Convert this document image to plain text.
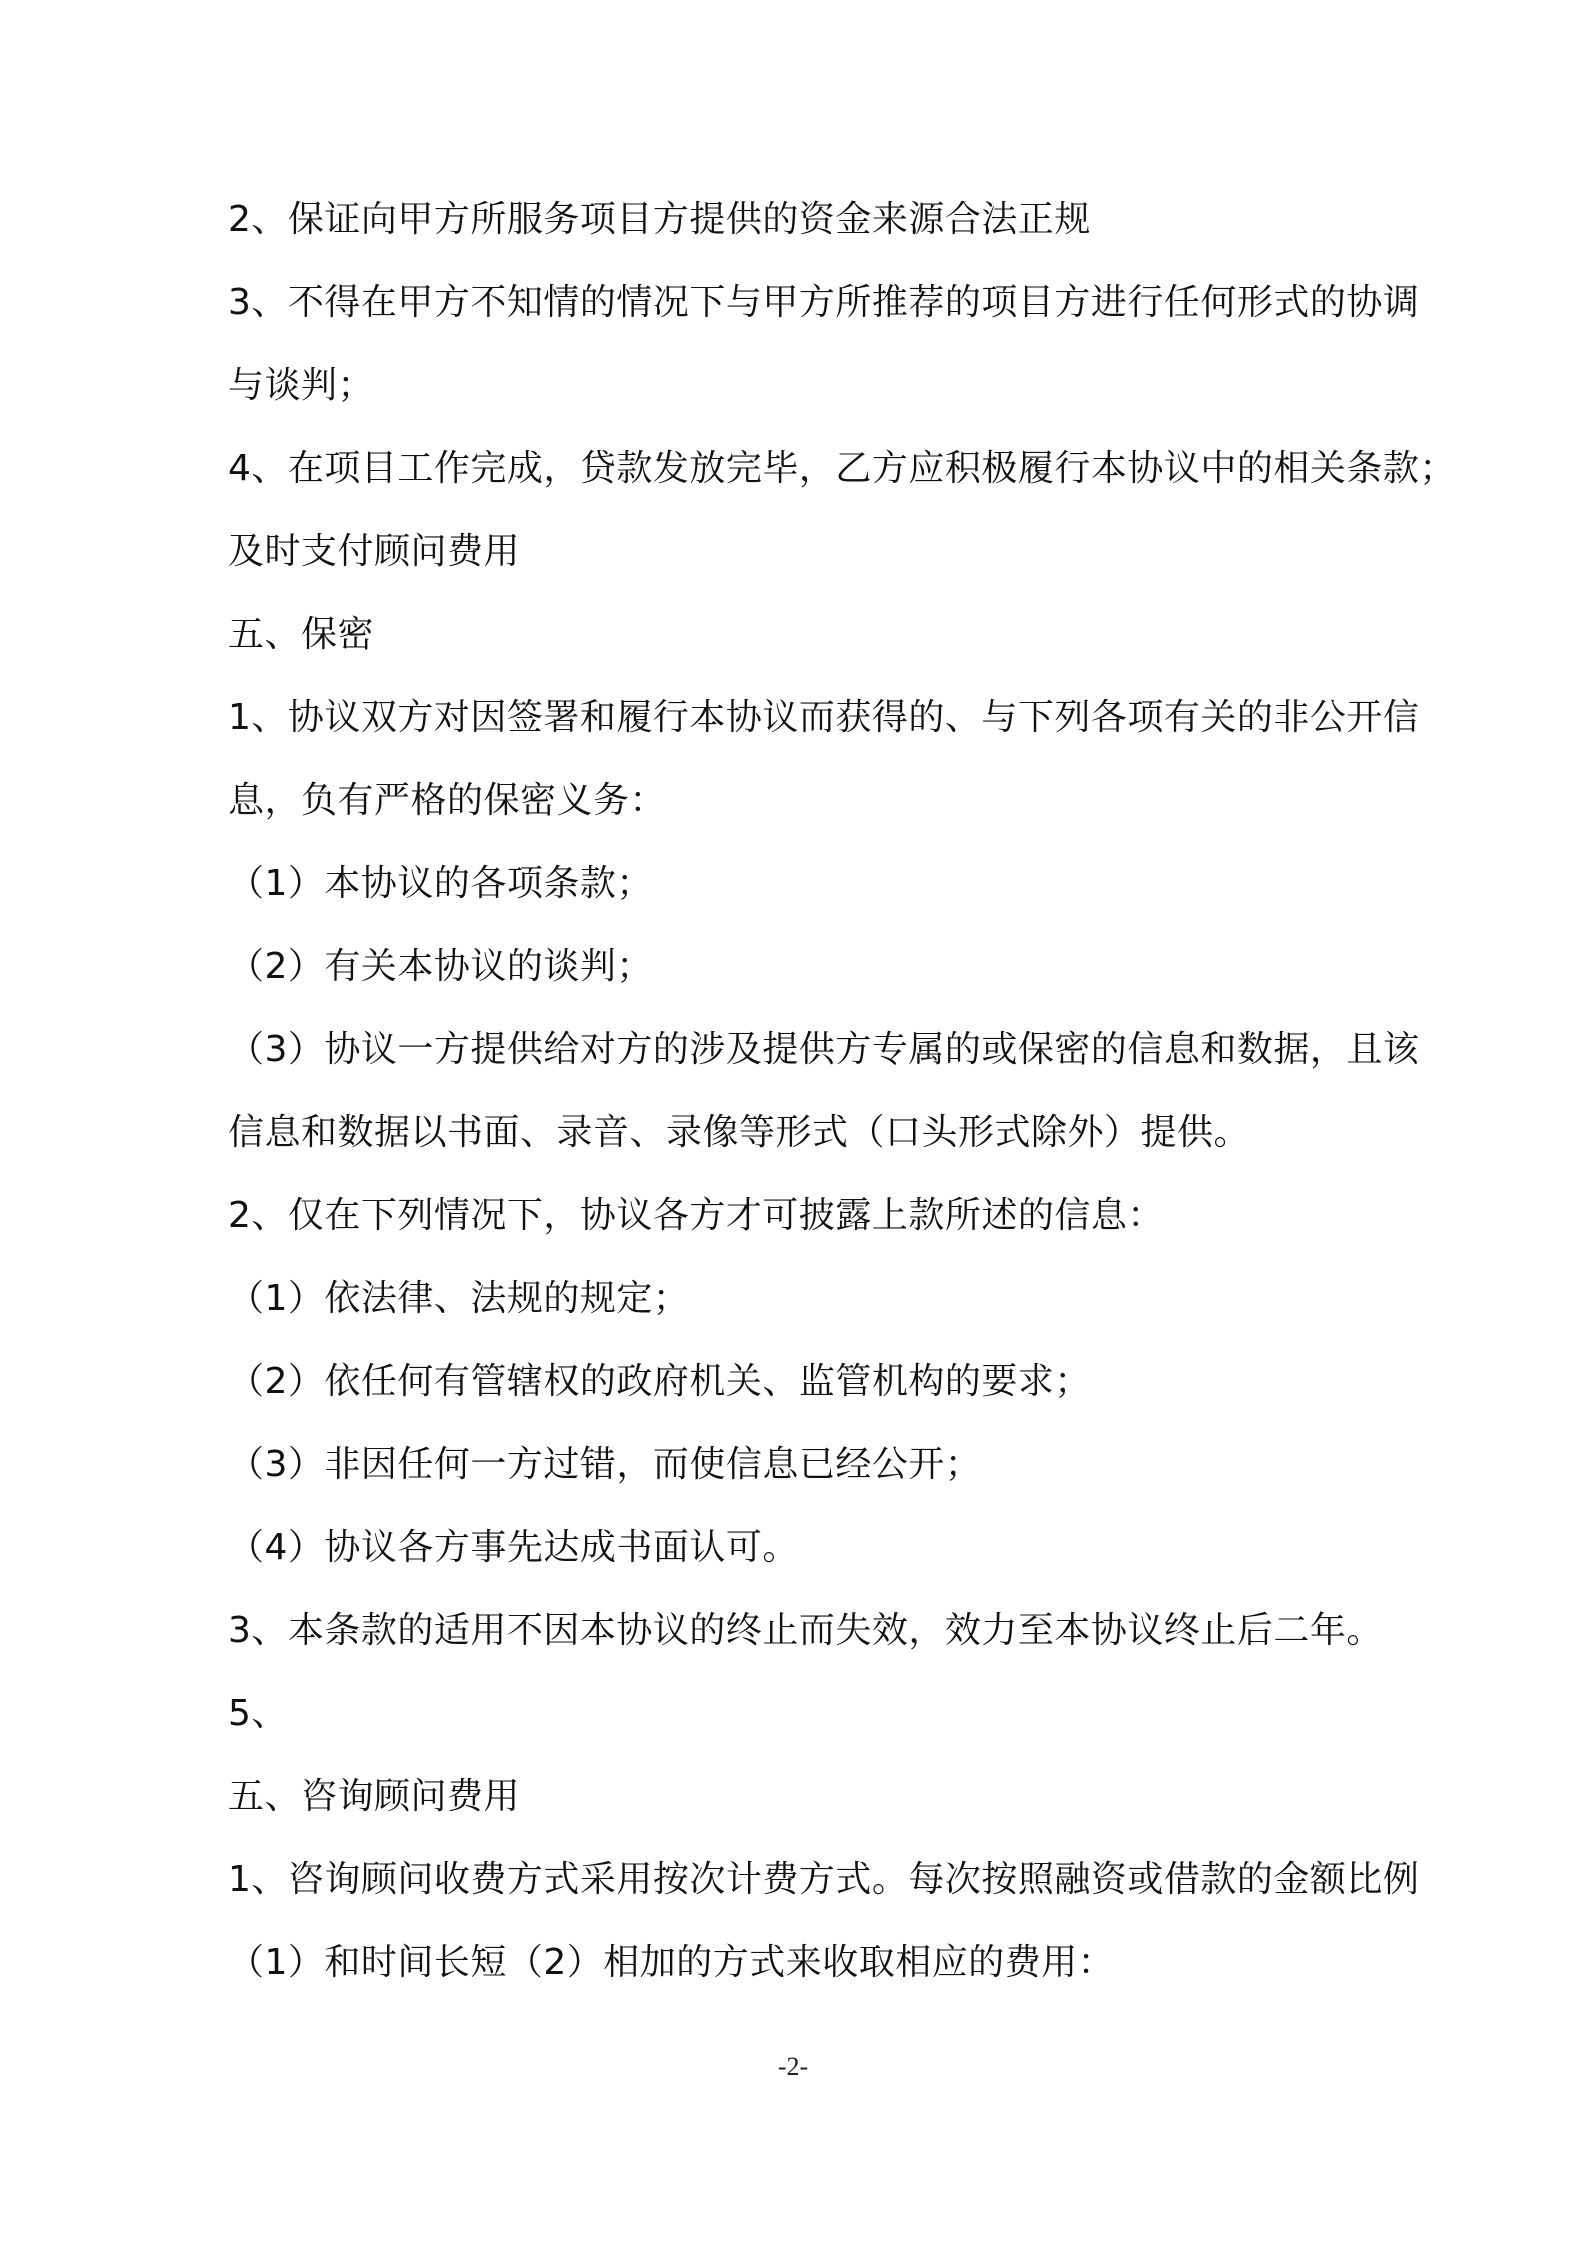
2、保证向甲方所服务项目方提供的资金来源合法正规
3、不得在甲方不知情的情况下与甲方所推荐的项目方进行任何形式的协调
与谈判；
4、在项目工作完成，贷款发放完毕，乙方应积极履行本协议中的相关条款；
及时支付顾问费用
五、保密
1、协议双方对因签署和履行本协议而获得的、与下列各项有关的非公开信
息，负有严格的保密义务：
（1）本协议的各项条款；
（2）有关本协议的谈判；
（3）协议一方提供给对方的涉及提供方专属的或保密的信息和数据，且该
信息和数据以书面、录音、录像等形式（口头形式除外）提供。
2、仅在下列情况下，协议各方才可披露上款所述的信息：
（1）依法律、法规的规定；
（2）依任何有管辖权的政府机关、监管机构的要求；
（3）非因任何一方过错，而使信息已经公开；
（4）协议各方事先达成书面认可。
3、本条款的适用不因本协议的终止而失效，效力至本协议终止后二年。
5、
五、咨询顾问费用
1、咨询顾问收费方式采用按次计费方式。每次按照融资或借款的金额比例
（1）和时间长短（2）相加的方式来收取相应的费用：
-2-
